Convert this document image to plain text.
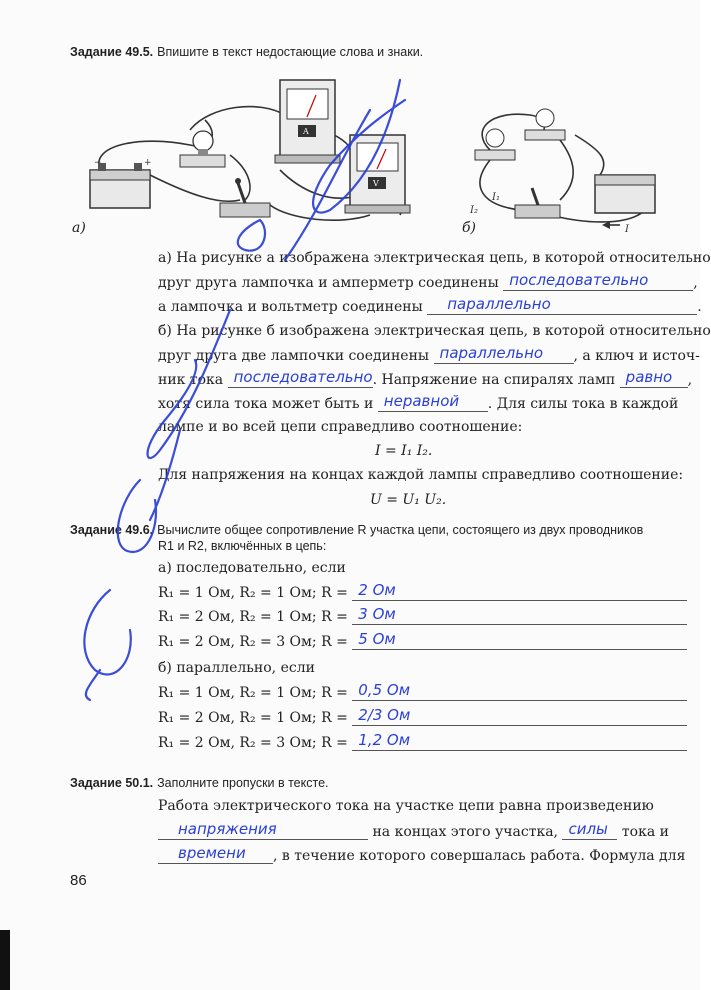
Задание 49.5. Впишите в текст недостающие слова и знаки.
−	+
A
V
а)
I₁
I₂
I
б)
а) На рисунке а изображена электрическая цепь, в которой относительно
друг друга лампочка и амперметр соединены последовательно	,
а лампочка и вольтметр соединены параллельно	.
б) На рисунке б изображена электрическая цепь, в которой относительно
друг друга две лампочки соединены параллельно , а ключ и источ-
ник тока последовательно . Напряжение на спиралях ламп равно ,
хотя сила тока может быть и неравной . Для силы тока в каждой
лампе и во всей цепи справедливо соотношение:
I = I₁ I₂.
Для напряжения на концах каждой лампы справедливо соотношение:
U = U₁ U₂.
Задание 49.6. Вычислите общее сопротивление R участка цепи, состоящего из двух проводников
R1 и R2, включённых в цепь:
а) последовательно, если
R₁ = 1 Ом, R₂ = 1 Ом; R = 2 Ом
R₁ = 2 Ом, R₂ = 1 Ом; R = 3 Ом
R₁ = 2 Ом, R₂ = 3 Ом; R = 5 Ом
б) параллельно, если
R₁ = 1 Ом, R₂ = 1 Ом; R = 0,5 Ом
R₁ = 2 Ом, R₂ = 1 Ом; R = 2/3 Ом
R₁ = 2 Ом, R₂ = 3 Ом; R = 1,2 Ом
Задание 50.1. Заполните пропуски в тексте.
Работа электрического тока на участке цепи равна произведению
напряжения	на концах этого участка, силы тока и
времени , в течение которого совершалась работа. Формула для
86
списано
